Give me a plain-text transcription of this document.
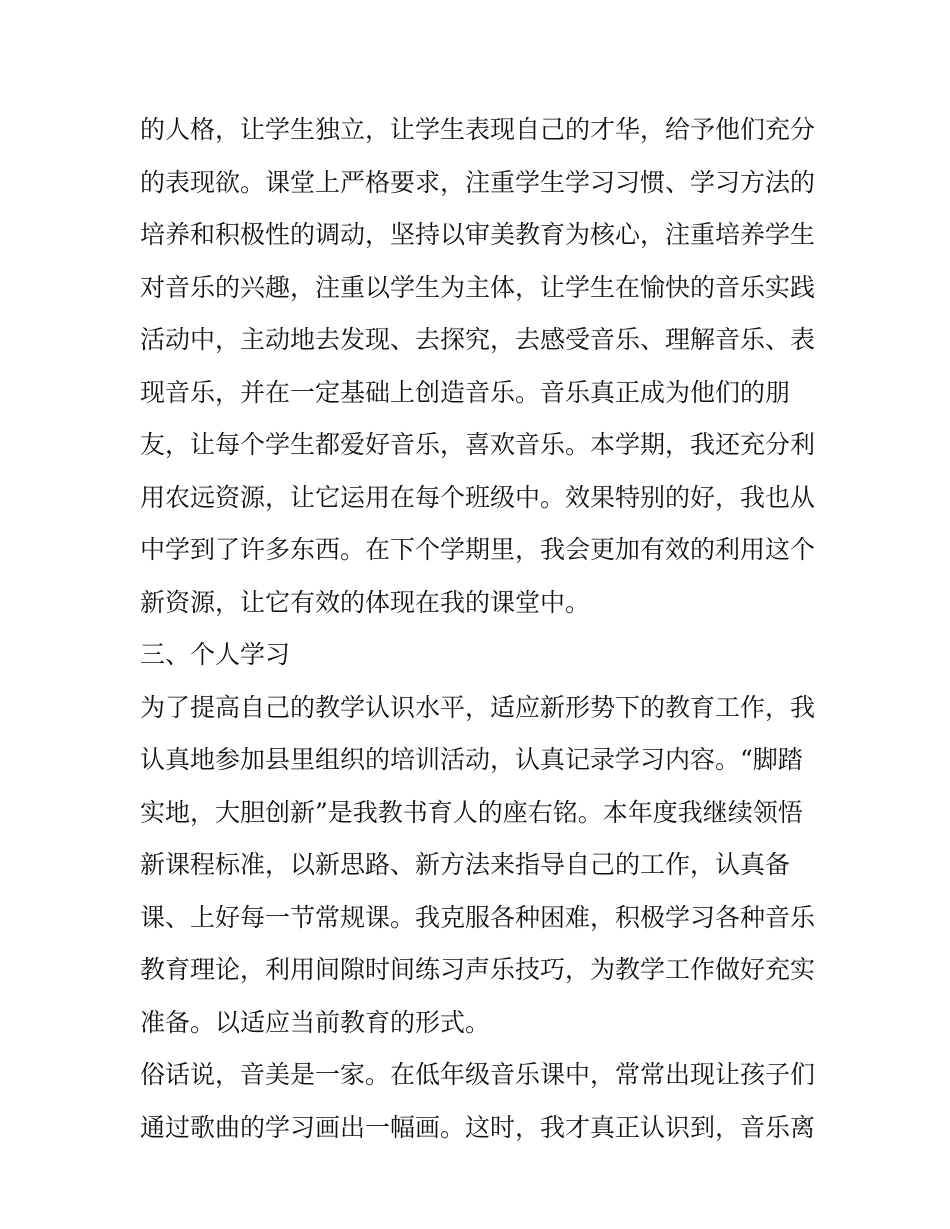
的人格，让学生独立，让学生表现自己的才华，给予他们充分
的表现欲。课堂上严格要求，注重学生学习习惯、学习方法的
培养和积极性的调动，坚持以审美教育为核心，注重培养学生
对音乐的兴趣，注重以学生为主体，让学生在愉快的音乐实践
活动中，主动地去发现、去探究，去感受音乐、理解音乐、表
现音乐，并在一定基础上创造音乐。音乐真正成为他们的朋
友，让每个学生都爱好音乐，喜欢音乐。本学期，我还充分利
用农远资源，让它运用在每个班级中。效果特别的好，我也从
中学到了许多东西。在下个学期里，我会更加有效的利用这个
新资源，让它有效的体现在我的课堂中。
三、个人学习
为了提高自己的教学认识水平，适应新形势下的教育工作，我
认真地参加县里组织的培训活动，认真记录学习内容。“脚踏
实地，大胆创新”是我教书育人的座右铭。本年度我继续领悟
新课程标准，以新思路、新方法来指导自己的工作，认真备
课、上好每一节常规课。我克服各种困难，积极学习各种音乐
教育理论，利用间隙时间练习声乐技巧，为教学工作做好充实
准备。以适应当前教育的形式。
俗话说，音美是一家。在低年级音乐课中，常常出现让孩子们
通过歌曲的学习画出一幅画。这时，我才真正认识到，音乐离
